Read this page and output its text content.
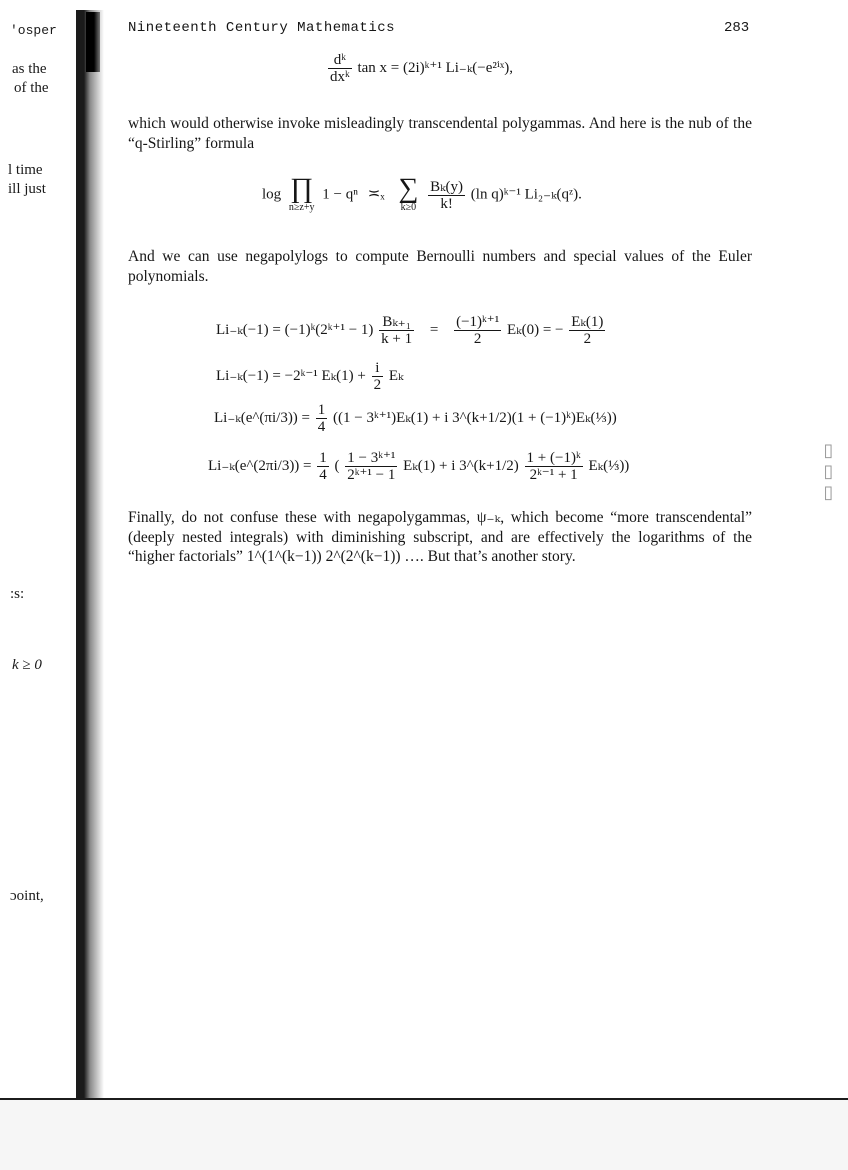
'osper
as the
of the
l time
ill just
:s:
k ≥ 0
ɔoint,
Nineteenth Century Mathematics	283
$\frac{\text{dᵏ}}{\text{dxᵏ}}$ tan x = (2i)ᵏ⁺¹ Li₋ₖ(−e²ⁱˣ),
which would otherwise invoke misleadingly transcendental polygammas. And here is the nub of the “q-Stirling” formula
log ∏
n≥z+y
1 − qⁿ ≍ₓ ∑
k≥0
$\frac{\text{Bₖ(y)}}{k!} (\ln$ q)ᵏ⁻¹ Li₂₋ₖ(qᶻ).
And we can use negapolylogs to compute Bernoulli numbers and special values of the Euler polynomials.
Li₋ₖ(−1) = (−1)ᵏ(2ᵏ⁺¹ − $1) \frac{\text{Bₖ₊₁}}{k + 1} = \frac{\text{(−1)ᵏ⁺¹}}{2} E_k(0)$ = − $\frac{\text{Eₖ(1)}}{2}$
Li₋ₖ(−1) = −2ᵏ⁻¹ $E_k(1) + \frac{i}{2}$ Eₖ
Li₋ₖ(e^(πi/3)) = $\frac{1}{4} ((1$ − 3ᵏ⁺¹)Eₖ(1) + i 3^(k+1/2)(1 + (−1)ᵏ)Eₖ(⅓))
Li₋ₖ(e^(2πi/3)) = $\frac{1}{4}$ ( $\frac{\text{1 − 3ᵏ⁺¹}}{\text{2ᵏ⁺¹ − 1}} E_k(1) + i$ 3^(k+1/2) $\frac{\text{1 + (−1)ᵏ}}{\text{2ᵏ⁻¹ + 1}}$ Eₖ(⅓))
Finally, do not confuse these with negapolygammas, ψ₋ₖ, which become “more transcendental” (deeply nested integrals) with diminishing subscript, and are effectively the logarithms of the “higher factorials” 1^(1^(k−1)) 2^(2^(k−1)) …. But that’s another story.
▯▯▯
